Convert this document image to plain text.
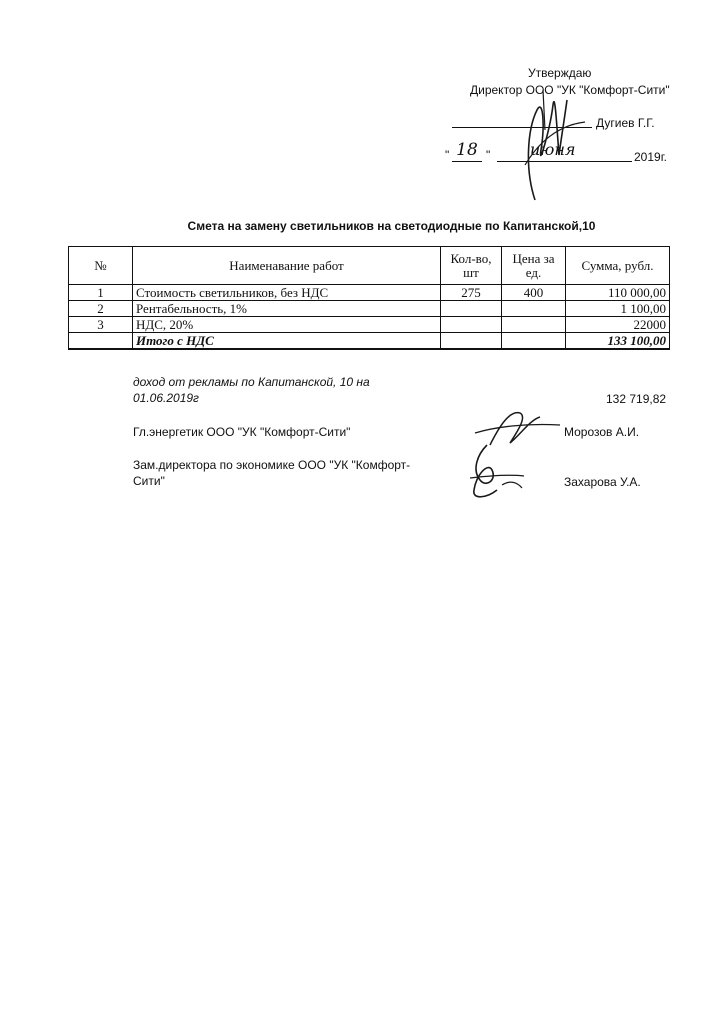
Утверждаю
Директор ООО "УК "Комфорт-Сити"
Дугиев Г.Г.
" 18 " июня	2019г.
Смета на замену светильников на светодиодные по Капитанской,10
№	Наименавание работ	Кол-во, шт	Цена за ед.	Сумма, рубл.
1	Стоимость светильников, без НДС	275	400	110 000,00
2	Рентабельность, 1%			1 100,00
3	НДС, 20%			22000
	Итого с НДС			133 100,00
доход от рекламы по Капитанской, 10 на 01.06.2019г	132 719,82
Гл.энергетик ООО "УК "Комфорт-Сити"	Морозов А.И.
Зам.директора по экономике ООО "УК "Комфорт-Сити"	Захарова У.А.
